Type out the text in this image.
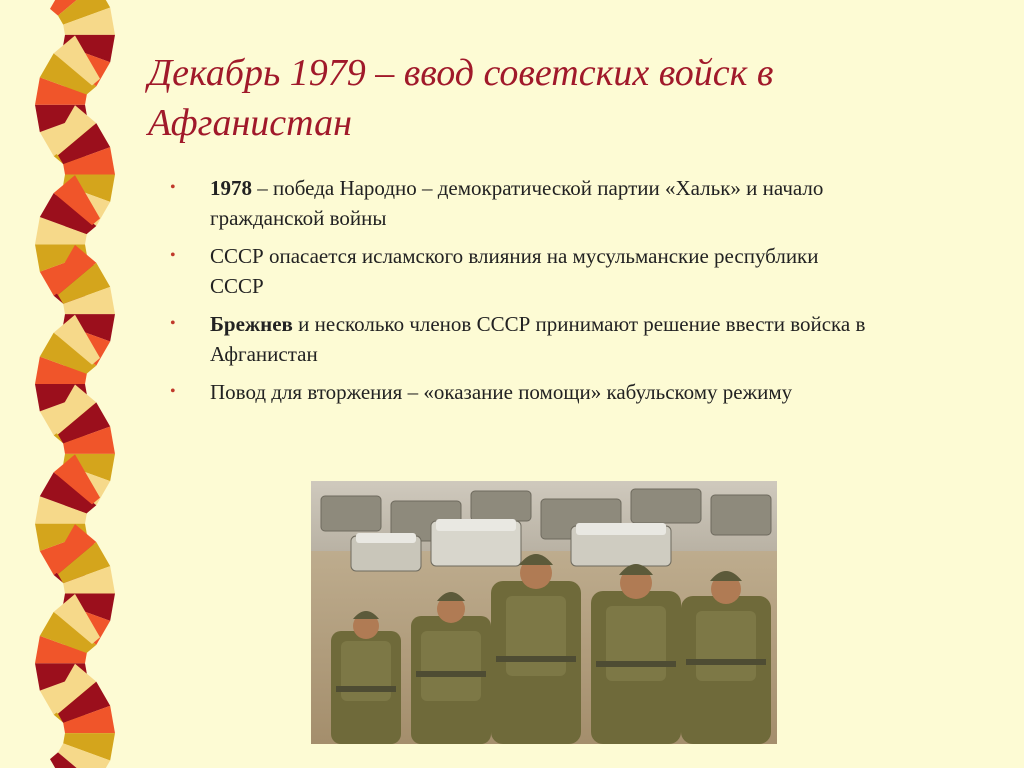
Декабрь 1979 – ввод советских войск в Афганистан
• 1978 – победа Народно – демократической партии «Хальк» и начало гражданской войны
• СССР опасается исламского влияния на мусульманские республики СССР
• Брежнев и несколько членов СССР принимают решение ввести войска в Афганистан
• Повод для вторжения – «оказание помощи» кабульскому режиму
